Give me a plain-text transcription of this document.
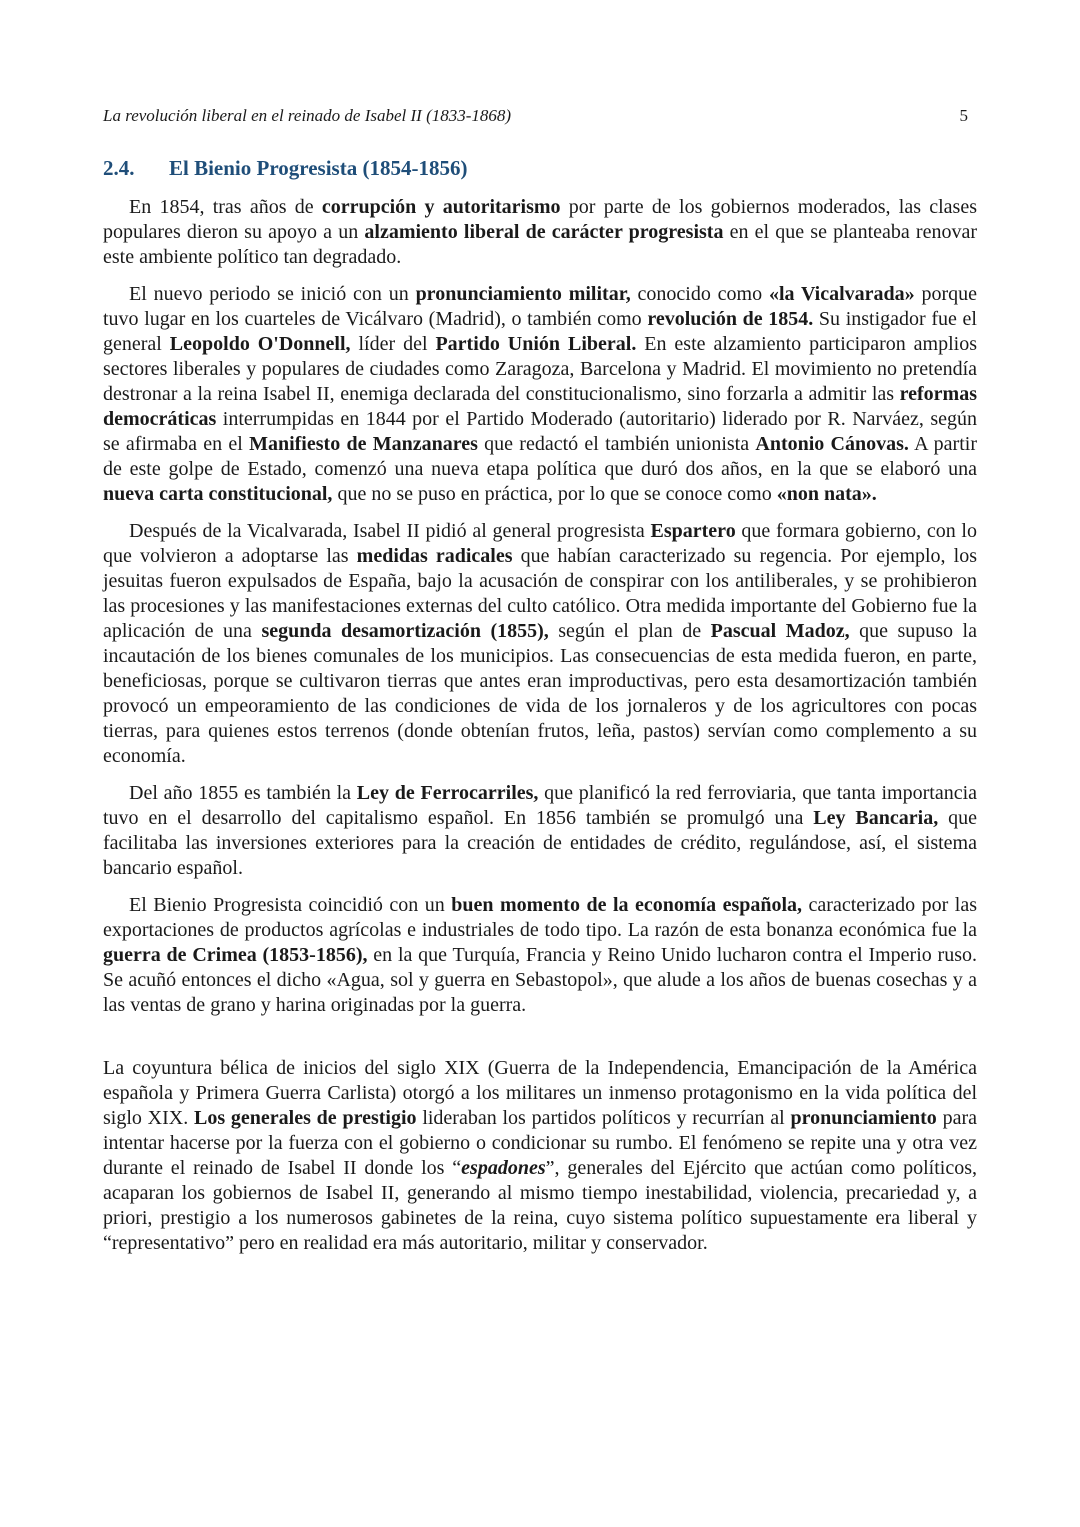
La revolución liberal en el reinado de Isabel II (1833-1868)	5
2.4. El Bienio Progresista (1854-1856)

En 1854, tras años de corrupción y autoritarismo por parte de los gobiernos moderados, las clases populares dieron su apoyo a un alzamiento liberal de carácter progresista en el que se planteaba renovar este ambiente político tan degradado.

El nuevo periodo se inició con un pronunciamiento militar, conocido como «la Vicalvarada» porque tuvo lugar en los cuarteles de Vicálvaro (Madrid), o también como revolución de 1854. Su instigador fue el general Leopoldo O'Donnell, líder del Partido Unión Liberal. En este alzamiento participaron amplios sectores liberales y populares de ciudades como Zaragoza, Barcelona y Madrid. El movimiento no pretendía destronar a la reina Isabel II, enemiga declarada del constitucionalismo, sino forzarla a admitir las reformas democráticas interrumpidas en 1844 por el Partido Moderado (autoritario) liderado por R. Narváez, según se afirmaba en el Manifiesto de Manzanares que redactó el también unionista Antonio Cánovas. A partir de este golpe de Estado, comenzó una nueva etapa política que duró dos años, en la que se elaboró una nueva carta constitucional, que no se puso en práctica, por lo que se conoce como «non nata».

Después de la Vicalvarada, Isabel II pidió al general progresista Espartero que formara gobierno, con lo que volvieron a adoptarse las medidas radicales que habían caracterizado su regencia. Por ejemplo, los jesuitas fueron expulsados de España, bajo la acusación de conspirar con los antiliberales, y se prohibieron las procesiones y las manifestaciones externas del culto católico. Otra medida importante del Gobierno fue la aplicación de una segunda desamortización (1855), según el plan de Pascual Madoz, que supuso la incautación de los bienes comunales de los municipios. Las consecuencias de esta medida fueron, en parte, beneficiosas, porque se cultivaron tierras que antes eran improductivas, pero esta desamortización también provocó un empeoramiento de las condiciones de vida de los jornaleros y de los agricultores con pocas tierras, para quienes estos terrenos (donde obtenían frutos, leña, pastos) servían como complemento a su economía.

Del año 1855 es también la Ley de Ferrocarriles, que planificó la red ferroviaria, que tanta importancia tuvo en el desarrollo del capitalismo español. En 1856 también se promulgó una Ley Bancaria, que facilitaba las inversiones exteriores para la creación de entidades de crédito, regulándose, así, el sistema bancario español.

El Bienio Progresista coincidió con un buen momento de la economía española, caracterizado por las exportaciones de productos agrícolas e industriales de todo tipo. La razón de esta bonanza económica fue la guerra de Crimea (1853-1856), en la que Turquía, Francia y Reino Unido lucharon contra el Imperio ruso. Se acuñó entonces el dicho «Agua, sol y guerra en Sebastopol», que alude a los años de buenas cosechas y a las ventas de grano y harina originadas por la guerra.

La coyuntura bélica de inicios del siglo XIX (Guerra de la Independencia, Emancipación de la América española y Primera Guerra Carlista) otorgó a los militares un inmenso protagonismo en la vida política del siglo XIX. Los generales de prestigio lideraban los partidos políticos y recurrían al pronunciamiento para intentar hacerse por la fuerza con el gobierno o condicionar su rumbo. El fenómeno se repite una y otra vez durante el reinado de Isabel II donde los “espadones”, generales del Ejército que actúan como políticos, acaparan los gobiernos de Isabel II, generando al mismo tiempo inestabilidad, violencia, precariedad y, a priori, prestigio a los numerosos gabinetes de la reina, cuyo sistema político supuestamente era liberal y “representativo” pero en realidad era más autoritario, militar y conservador.
